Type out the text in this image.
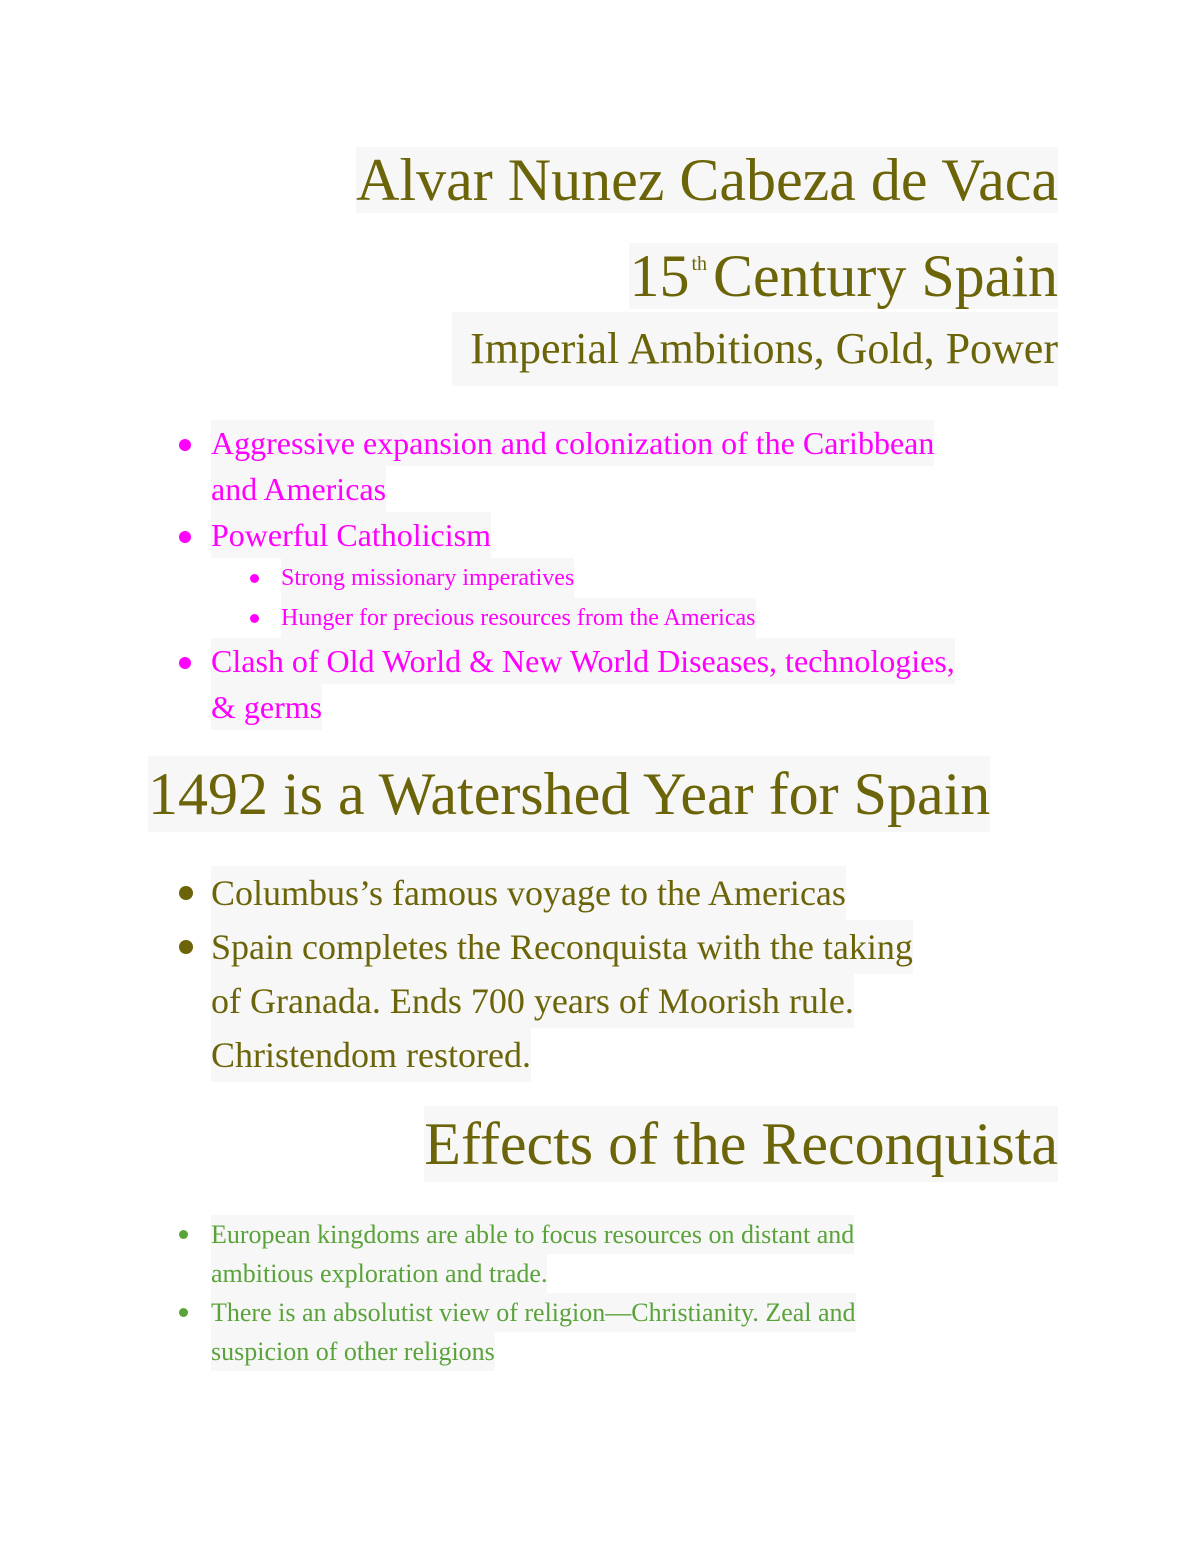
Alvar Nunez Cabeza de Vaca
15 $^{th}$ Century Spain
Imperial Ambitions, Gold, Power
Aggressive expansion and colonization of the Caribbean
and Americas
Powerful Catholicism
Strong missionary imperatives
Hunger for precious resources from the Americas
Clash of Old World & New World Diseases, technologies,
& germs
1492 is a Watershed Year for Spain
Columbus’s famous voyage to the Americas
Spain completes the Reconquista with the taking
of Granada. Ends 700 years of Moorish rule.
Christendom restored.
Effects of the Reconquista
European kingdoms are able to focus resources on distant and
ambitious exploration and trade.
There is an absolutist view of religion—Christianity. Zeal and
suspicion of other religions
